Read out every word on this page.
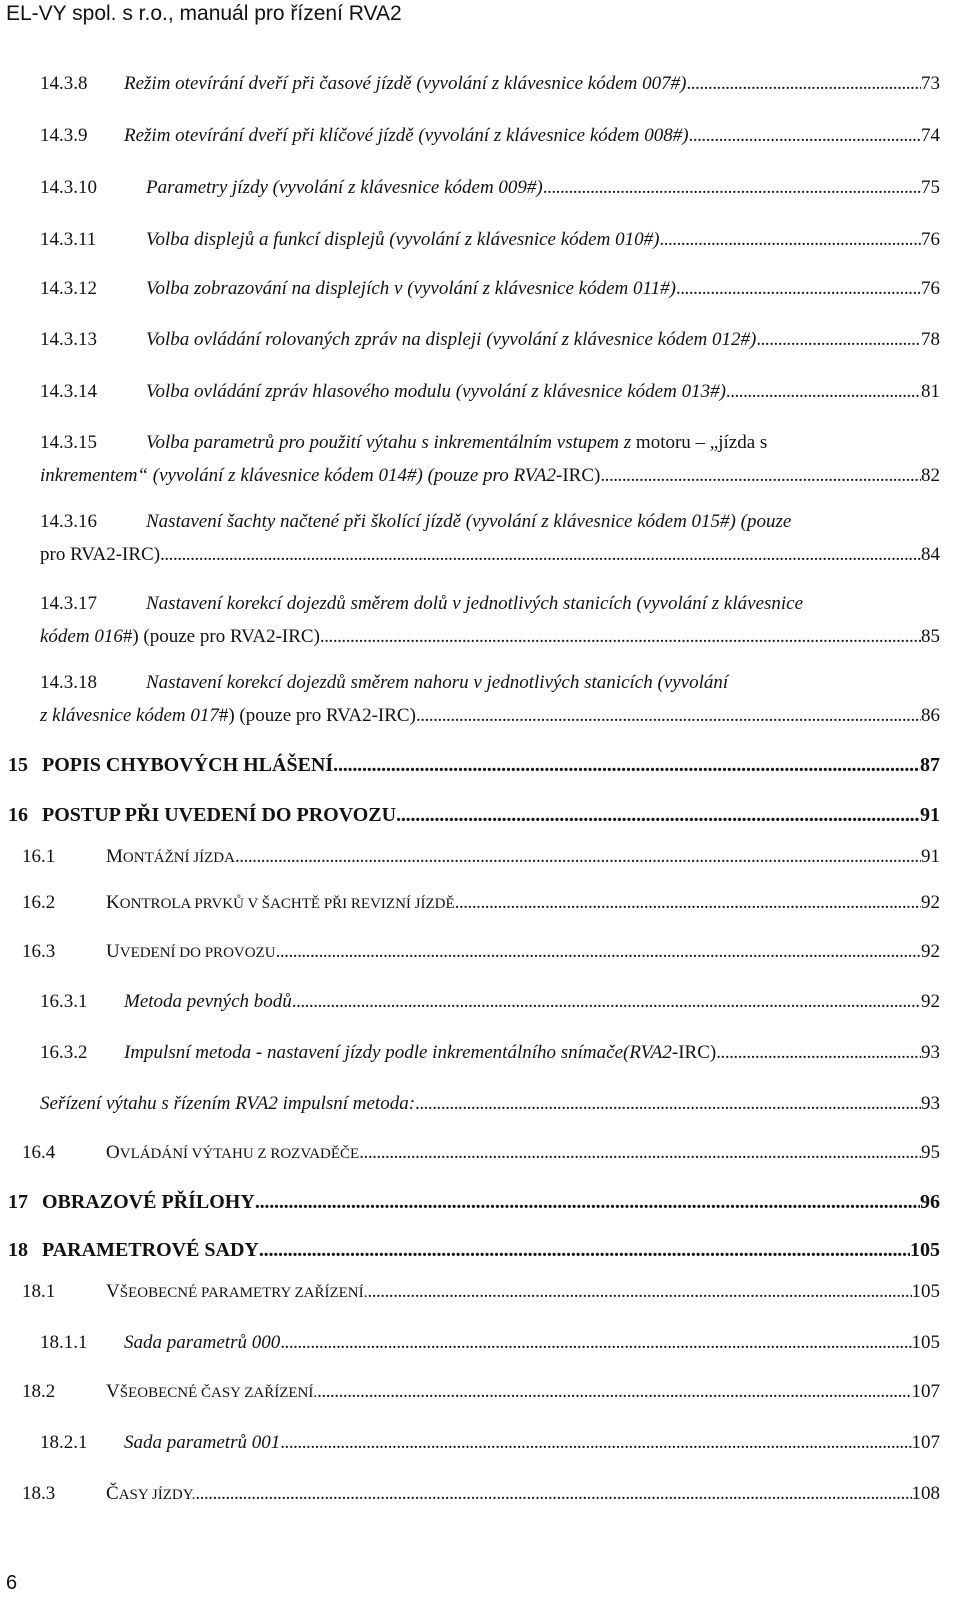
EL-VY spol. s r.o., manuál pro řízení RVA2
14.3.8	Režim otevírání dveří při časové jízdě (vyvolání z klávesnice kódem 007#) . . .	73
14.3.9	Režim otevírání dveří při klíčové jízdě (vyvolání z klávesnice kódem 008#) . . .	74
14.3.10	Parametry jízdy (vyvolání z klávesnice kódem 009#) . . .	75
14.3.11	Volba displejů a funkcí displejů (vyvolání z klávesnice kódem 010#) . . .	76
14.3.12	Volba zobrazování na displejích v (vyvolání z klávesnice kódem 011#) . . .	76
14.3.13	Volba ovládání rolovaných zpráv na displeji (vyvolání z klávesnice kódem 012#) . . .	78
14.3.14	Volba ovládání zpráv hlasového modulu (vyvolání z klávesnice kódem 013#) . . .	81
14.3.15	Volba parametrů pro použití výtahu s inkrementálním vstupem z motoru – „jízda s
inkrementem“ (vyvolání z klávesnice kódem 014#) (pouze pro RVA2 -IRC) . . .	82
14.3.16	Nastavení šachty načtené při školící jízdě (vyvolání z klávesnice kódem 015#) (pouze
pro RVA2-IRC) . . .	84
14.3.17	Nastavení korekcí dojezdů směrem dolů v jednotlivých stanicích (vyvolání z klávesnice
kódem 016 #) (pouze pro RVA2-IRC) . . .	85
14.3.18	Nastavení korekcí dojezdů směrem nahoru v jednotlivých stanicích (vyvolání
z klávesnice kódem 017 #) (pouze pro RVA2-IRC) . . .	86
15 POPIS CHYBOVÝCH HLÁŠENÍ . . .	87
16 POSTUP PŘI UVEDENÍ DO PROVOZU . . .	91
16.1	MONTÁŽNÍ JÍZDA . . .	91
16.2	KONTROLA PRVKŮ V ŠACHTĚ PŘI REVIZNÍ JÍZDĚ . . .	92
16.3	UVEDENÍ DO PROVOZU . . .	92
16.3.1	Metoda pevných bodů . . .	92
16.3.2	Impulsní metoda - nastavení jízdy podle inkrementálního snímače(RVA2 -IRC) . . .	93
Seřízení výtahu s řízením RVA2 impulsní metoda: . . .	93
16.4	OVLÁDÁNÍ VÝTAHU Z ROZVADĚČE . . .	95
17 OBRAZOVÉ PŘÍLOHY . . .	96
18 PARAMETROVÉ SADY . . .	105
18.1	VŠEOBECNÉ PARAMETRY ZAŘÍZENÍ. . . .	105
18.1.1	Sada parametrů 000 . . .	105
18.2	VŠEOBECNÉ ČASY ZAŘÍZENÍ. . . .	107
18.2.1	Sada parametrů 001 . . .	107
18.3	ČASY JÍZDY. . . .	108
6
